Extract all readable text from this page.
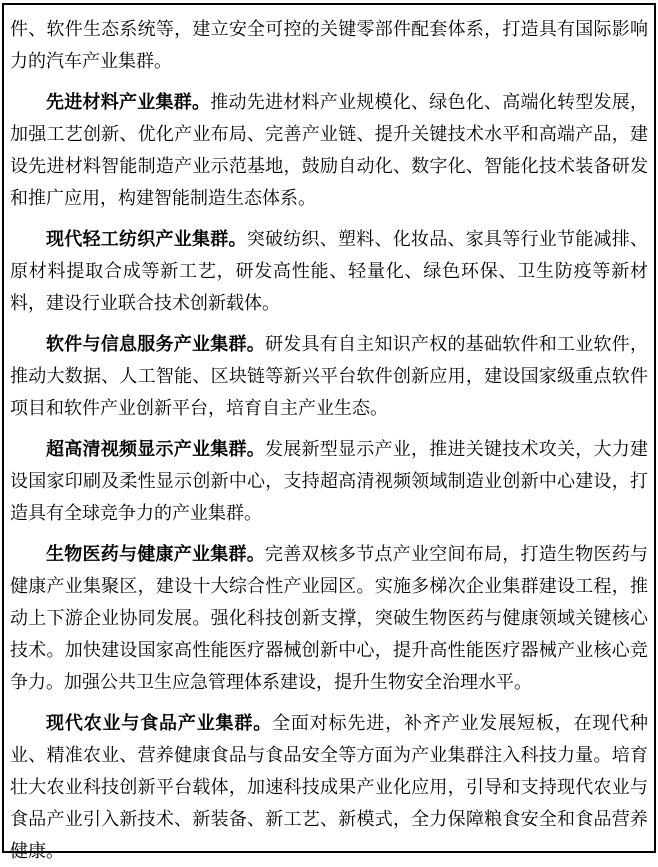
件、软件生态系统等，建立安全可控的关键零部件配套体系，打造具有国际影响力的汽车产业集群。

先进材料产业集群。推动先进材料产业规模化、绿色化、高端化转型发展，加强工艺创新、优化产业布局、完善产业链、提升关键技术水平和高端产品，建设先进材料智能制造产业示范基地，鼓励自动化、数字化、智能化技术装备研发和推广应用，构建智能制造生态体系。

现代轻工纺织产业集群。突破纺织、塑料、化妆品、家具等行业节能减排、原材料提取合成等新工艺，研发高性能、轻量化、绿色环保、卫生防疫等新材料，建设行业联合技术创新载体。

软件与信息服务产业集群。研发具有自主知识产权的基础软件和工业软件，推动大数据、人工智能、区块链等新兴平台软件创新应用，建设国家级重点软件项目和软件产业创新平台，培育自主产业生态。

超高清视频显示产业集群。发展新型显示产业，推进关键技术攻关，大力建设国家印刷及柔性显示创新中心，支持超高清视频领域制造业创新中心建设，打造具有全球竞争力的产业集群。

生物医药与健康产业集群。完善双核多节点产业空间布局，打造生物医药与健康产业集聚区，建设十大综合性产业园区。实施多梯次企业集群建设工程，推动上下游企业协同发展。强化科技创新支撑，突破生物医药与健康领域关键核心技术。加快建设国家高性能医疗器械创新中心，提升高性能医疗器械产业核心竞争力。加强公共卫生应急管理体系建设，提升生物安全治理水平。

现代农业与食品产业集群。全面对标先进，补齐产业发展短板，在现代种业、精准农业、营养健康食品与食品安全等方面为产业集群注入科技力量。培育壮大农业科技创新平台载体，加速科技成果产业化应用，引导和支持现代农业与食品产业引入新技术、新装备、新工艺、新模式，全力保障粮食安全和食品营养健康。
